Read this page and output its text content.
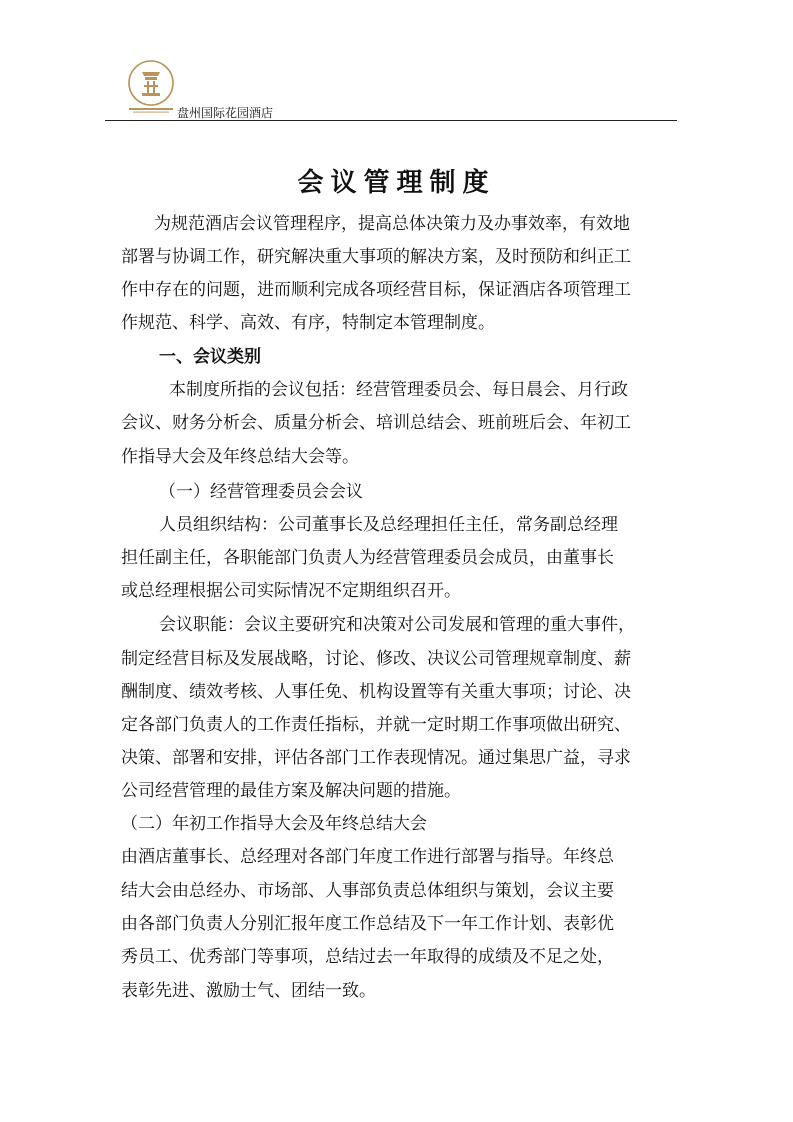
盘州国际花园酒店
会议管理制度
为规范酒店会议管理程序，提高总体决策力及办事效率，有效地
部署与协调工作，研究解决重大事项的解决方案，及时预防和纠正工
作中存在的问题，进而顺利完成各项经营目标，保证酒店各项管理工
作规范、科学、高效、有序，特制定本管理制度。
一、会议类别
本制度所指的会议包括：经营管理委员会、每日晨会、月行政
会议、财务分析会、质量分析会、培训总结会、班前班后会、年初工
作指导大会及年终总结大会等。
（一）经营管理委员会会议
人员组织结构：公司董事长及总经理担任主任，常务副总经理
担任副主任，各职能部门负责人为经营管理委员会成员，由董事长
或总经理根据公司实际情况不定期组织召开。
会议职能：会议主要研究和决策对公司发展和管理的重大事件，
制定经营目标及发展战略，讨论、修改、决议公司管理规章制度、薪
酬制度、绩效考核、人事任免、机构设置等有关重大事项；讨论、决
定各部门负责人的工作责任指标，并就一定时期工作事项做出研究、
决策、部署和安排，评估各部门工作表现情况。通过集思广益，寻求
公司经营管理的最佳方案及解决问题的措施。
（二）年初工作指导大会及年终总结大会
由酒店董事长、总经理对各部门年度工作进行部署与指导。年终总
结大会由总经办、市场部、人事部负责总体组织与策划，会议主要
由各部门负责人分别汇报年度工作总结及下一年工作计划、表彰优
秀员工、优秀部门等事项，总结过去一年取得的成绩及不足之处，
表彰先进、激励士气、团结一致。
